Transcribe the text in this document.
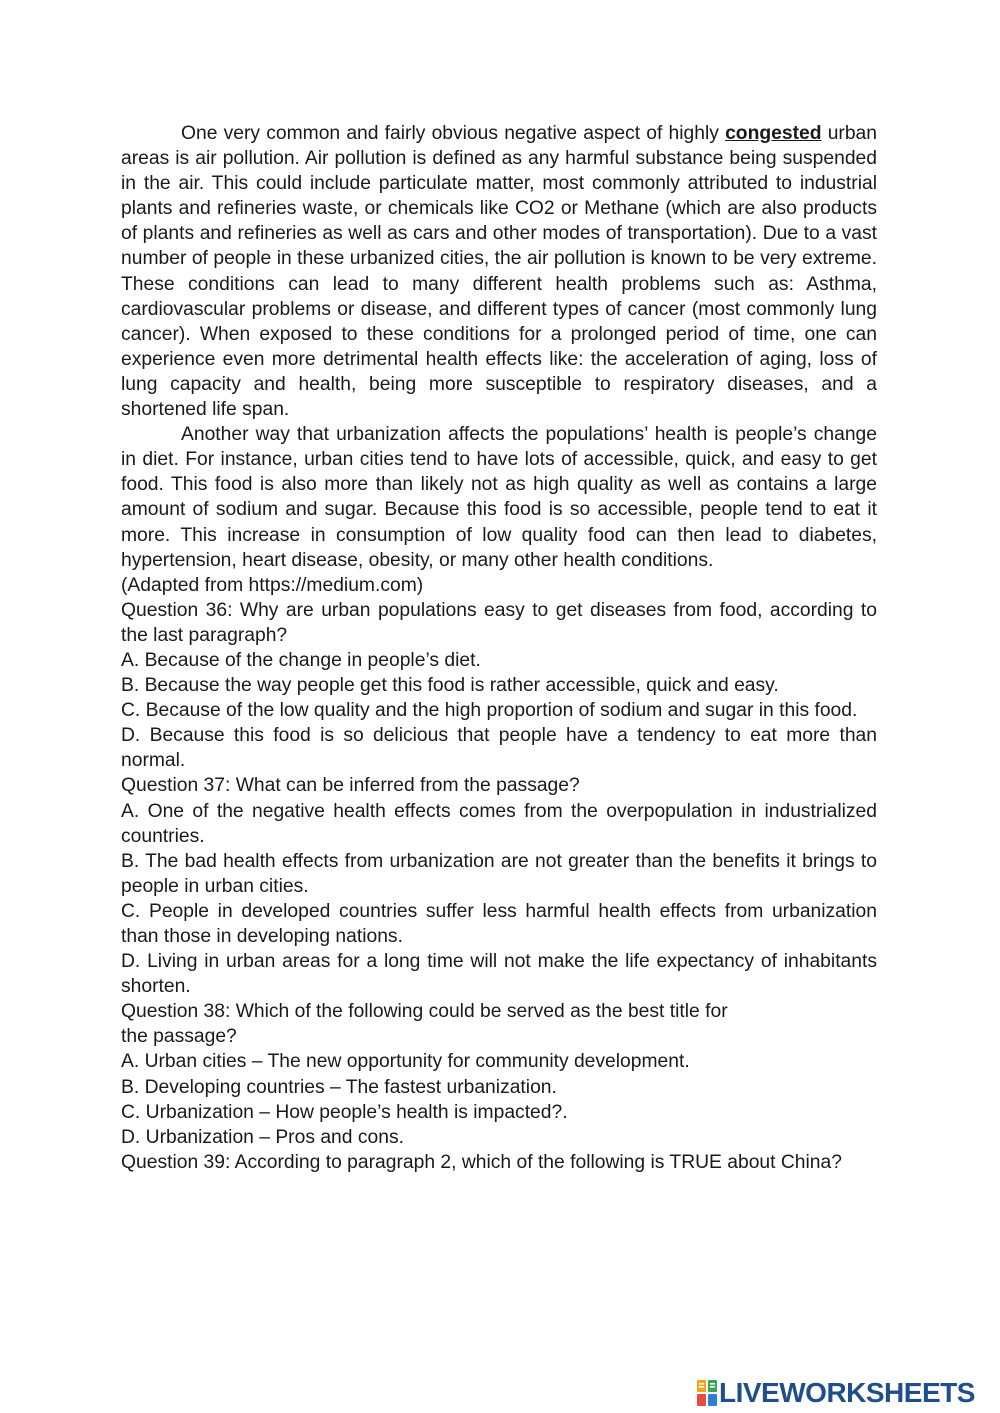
One very common and fairly obvious negative aspect of highly congested urban areas is air pollution. Air pollution is defined as any harmful substance being suspended in the air. This could include particulate matter, most commonly attributed to industrial plants and refineries waste, or chemicals like CO2 or Methane (which are also products of plants and refineries as well as cars and other modes of transportation). Due to a vast number of people in these urbanized cities, the air pollution is known to be very extreme. These conditions can lead to many different health problems such as: Asthma, cardiovascular problems or disease, and different types of cancer (most commonly lung cancer). When exposed to these conditions for a prolonged period of time, one can experience even more detrimental health effects like: the acceleration of aging, loss of lung capacity and health, being more susceptible to respiratory diseases, and a shortened life span.

Another way that urbanization affects the populations’ health is people’s change in diet. For instance, urban cities tend to have lots of accessible, quick, and easy to get food. This food is also more than likely not as high quality as well as contains a large amount of sodium and sugar. Because this food is so accessible, people tend to eat it more. This increase in consumption of low quality food can then lead to diabetes, hypertension, heart disease, obesity, or many other health conditions.

(Adapted from https://medium.com)

Question 36: Why are urban populations easy to get diseases from food, according to the last paragraph?

A. Because of the change in people’s diet.

B. Because the way people get this food is rather accessible, quick and easy.

C. Because of the low quality and the high proportion of sodium and sugar in this food.

D. Because this food is so delicious that people have a tendency to eat more than normal.

Question 37: What can be inferred from the passage?

A. One of the negative health effects comes from the overpopulation in industrialized countries.

B. The bad health effects from urbanization are not greater than the benefits it brings to people in urban cities.

C. People in developed countries suffer less harmful health effects from urbanization than those in developing nations.

D. Living in urban areas for a long time will not make the life expectancy of inhabitants shorten.

Question 38: Which of the following could be served as the best title for

the passage?

A. Urban cities – The new opportunity for community development.

B. Developing countries – The fastest urbanization.

C. Urbanization – How people’s health is impacted?.

D. Urbanization – Pros and cons.

Question 39: According to paragraph 2, which of the following is TRUE about China?

LIVEWORKSHEETS
